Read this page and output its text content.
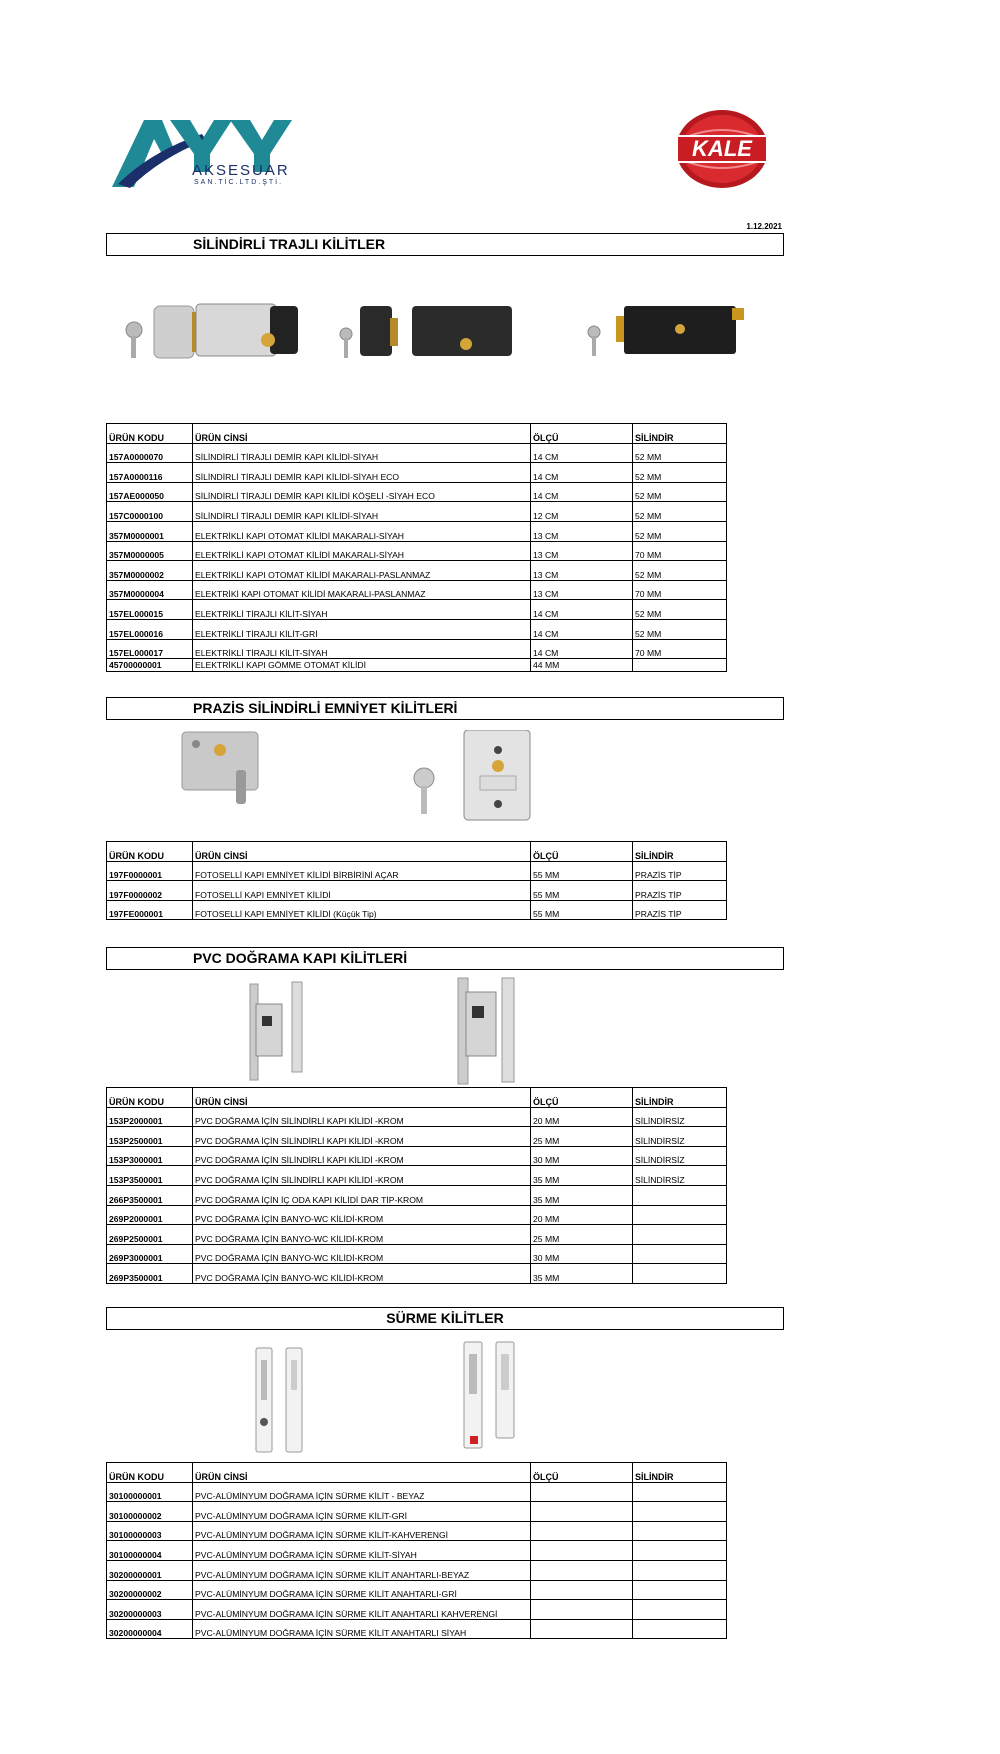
AKSESUAR
SAN.TİC.LTD.ŞTİ.
KALE
1.12.2021
SİLİNDİRLİ TRAJLI KİLİTLER
ÜRÜN KODU	ÜRÜN CİNSİ	ÖLÇÜ	SİLİNDİR
157A0000070	SİLİNDİRLİ TİRAJLI DEMİR KAPI KİLİDİ-SİYAH	14 CM	52 MM
157A0000116	SİLİNDİRLİ TİRAJLI DEMİR KAPI KİLİDİ-SİYAH ECO	14 CM	52 MM
157AE000050	SİLİNDİRLİ TİRAJLI DEMİR KAPI KİLİDİ KÖŞELİ -SİYAH ECO	14 CM	52 MM
157C0000100	SİLİNDİRLİ TİRAJLI DEMİR KAPI KİLİDİ-SİYAH	12 CM	52 MM
357M0000001	ELEKTRİKLİ KAPI OTOMAT KİLİDİ MAKARALI-SİYAH	13 CM	52 MM
357M0000005	ELEKTRİKLİ KAPI OTOMAT KİLİDİ MAKARALI-SİYAH	13 CM	70 MM
357M0000002	ELEKTRİKLİ KAPI OTOMAT KİLİDİ MAKARALI-PASLANMAZ	13 CM	52 MM
357M0000004	ELEKTRİKİ KAPI OTOMAT KİLİDİ MAKARALI-PASLANMAZ	13 CM	70 MM
157EL000015	ELEKTRİKLİ TİRAJLI KİLİT-SİYAH	14 CM	52 MM
157EL000016	ELEKTRİKLİ TİRAJLI KİLİT-GRİ	14 CM	52 MM
157EL000017	ELEKTRİKLİ TİRAJLI KİLİT-SİYAH	14 CM	70 MM
45700000001	ELEKTRİKLİ KAPI GÖMME OTOMAT KİLİDİ	44 MM	
PRAZİS SİLİNDİRLİ EMNİYET KİLİTLERİ
ÜRÜN KODU	ÜRÜN CİNSİ	ÖLÇÜ	SİLİNDİR
197F0000001	FOTOSELLİ KAPI EMNİYET KİLİDİ BİRBİRİNİ AÇAR	55 MM	PRAZİS TİP
197F0000002	FOTOSELLİ KAPI EMNİYET KİLİDİ	55 MM	PRAZİS TİP
197FE000001	FOTOSELLİ KAPI EMNİYET KİLİDİ (Küçük Tip)	55 MM	PRAZİS TİP
PVC DOĞRAMA KAPI KİLİTLERİ
ÜRÜN KODU	ÜRÜN CİNSİ	ÖLÇÜ	SİLİNDİR
153P2000001	PVC DOĞRAMA İÇİN SİLİNDİRLİ KAPI KİLİDİ -KROM	20 MM	SİLİNDİRSİZ
153P2500001	PVC DOĞRAMA İÇİN SİLİNDİRLİ KAPI KİLİDİ -KROM	25 MM	SİLİNDİRSİZ
153P3000001	PVC DOĞRAMA İÇİN SİLİNDİRLİ KAPI KİLİDİ -KROM	30 MM	SİLİNDİRSİZ
153P3500001	PVC DOĞRAMA İÇİN SİLİNDİRLİ KAPI KİLİDİ -KROM	35 MM	SİLİNDİRSİZ
266P3500001	PVC DOĞRAMA İÇİN İÇ ODA KAPI KİLİDİ DAR TİP-KROM	35 MM	
269P2000001	PVC DOĞRAMA İÇİN BANYO-WC KİLİDİ-KROM	20 MM	
269P2500001	PVC DOĞRAMA İÇİN BANYO-WC KİLİDİ-KROM	25 MM	
269P3000001	PVC DOĞRAMA İÇİN BANYO-WC KİLİDİ-KROM	30 MM	
269P3500001	PVC DOĞRAMA İÇİN BANYO-WC KİLİDİ-KROM	35 MM	
SÜRME KİLİTLER
ÜRÜN KODU	ÜRÜN CİNSİ	ÖLÇÜ	SİLİNDİR
30100000001	PVC-ALÜMİNYUM DOĞRAMA İÇİN SÜRME KİLİT - BEYAZ		
30100000002	PVC-ALÜMİNYUM DOĞRAMA İÇİN SÜRME KİLİT-GRİ		
30100000003	PVC-ALÜMİNYUM DOĞRAMA İÇİN SÜRME KİLİT-KAHVERENGİ		
30100000004	PVC-ALÜMİNYUM DOĞRAMA İÇİN SÜRME KİLİT-SİYAH		
30200000001	PVC-ALÜMİNYUM DOĞRAMA İÇİN SÜRME KİLİT ANAHTARLI-BEYAZ		
30200000002	PVC-ALÜMİNYUM DOĞRAMA İÇİN SÜRME KİLİT ANAHTARLI-GRİ		
30200000003	PVC-ALÜMİNYUM DOĞRAMA İÇİN SÜRME KİLİT ANAHTARLI KAHVERENGİ		
30200000004	PVC-ALÜMİNYUM DOĞRAMA İÇİN SÜRME KİLİT ANAHTARLI SİYAH		
